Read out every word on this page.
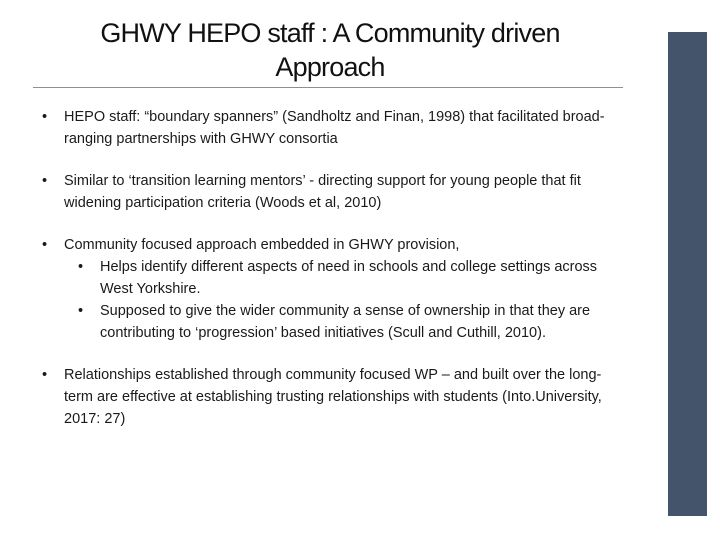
GHWY HEPO staff : A Community driven
Approach
•	HEPO staff: “boundary spanners” (Sandholtz and Finan, 1998) that facilitated broad-ranging partnerships with GHWY consortia

•	Similar to ‘transition learning mentors’ - directing support for young people that fit widening participation criteria (Woods et al, 2010)

•	Community focused approach embedded in GHWY provision,

•	Helps identify different aspects of need in schools and college settings across West Yorkshire.

•	Supposed to give the wider community a sense of ownership in that they are contributing to ‘progression’ based initiatives (Scull and Cuthill, 2010).

•	Relationships established through community focused WP – and built over the long-term are effective at establishing trusting relationships with students (Into.University, 2017: 27)
